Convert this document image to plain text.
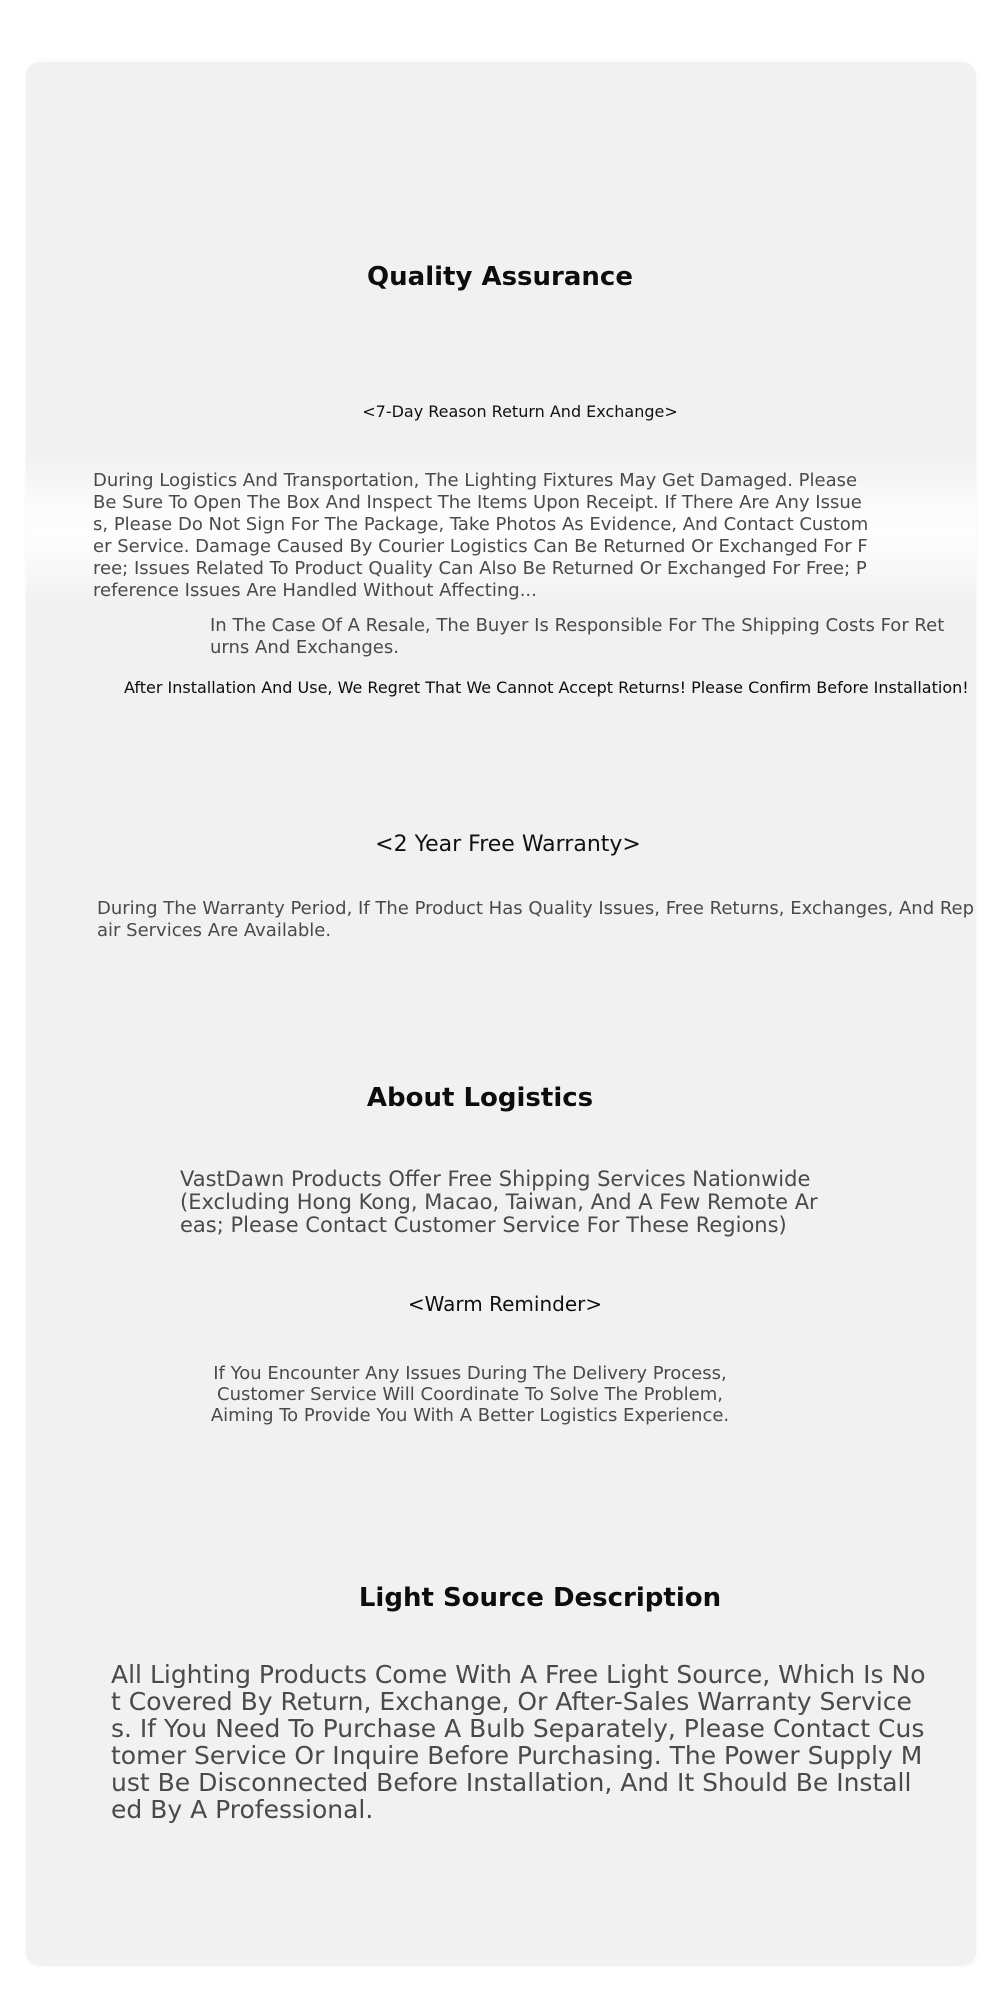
Quality Assurance

<7-Day Reason Return And Exchange>

During Logistics And Transportation, The Lighting Fixtures May Get Damaged. Please Be Sure To Open The Box And Inspect The Items Upon Receipt. If There Are Any Issues, Please Do Not Sign For The Package, Take Photos As Evidence, And Contact Customer Service. Damage Caused By Courier Logistics Can Be Returned Or Exchanged For Free; Issues Related To Product Quality Can Also Be Returned Or Exchanged For Free; Preference Issues Are Handled Without Affecting...

In The Case Of A Resale, The Buyer Is Responsible For The Shipping Costs For Returns And Exchanges.

After Installation And Use, We Regret That We Cannot Accept Returns! Please Confirm Before Installation!

<2 Year Free Warranty>

During The Warranty Period, If The Product Has Quality Issues, Free Returns, Exchanges, And Repair Services Are Available.

About Logistics

VastDawn Products Offer Free Shipping Services Nationwide (Excluding Hong Kong, Macao, Taiwan, And A Few Remote Areas; Please Contact Customer Service For These Regions)

<Warm Reminder>

If You Encounter Any Issues During The Delivery Process,
Customer Service Will Coordinate To Solve The Problem,
Aiming To Provide You With A Better Logistics Experience.
Light Source Description

All Lighting Products Come With A Free Light Source, Which Is Not Covered By Return, Exchange, Or After-Sales Warranty Services. If You Need To Purchase A Bulb Separately, Please Contact Customer Service Or Inquire Before Purchasing. The Power Supply Must Be Disconnected Before Installation, And It Should Be Installed By A Professional.
